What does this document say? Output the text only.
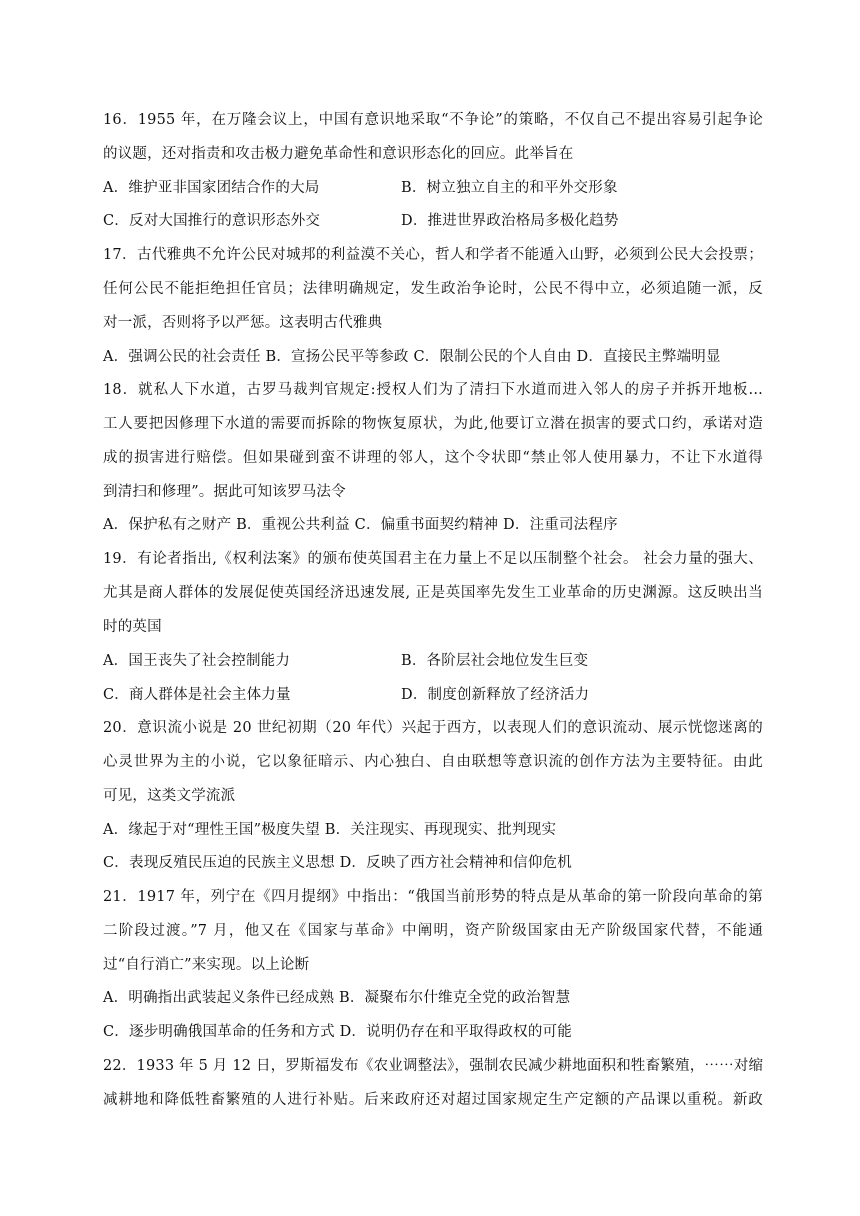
16．1955 年，在万隆会议上，中国有意识地采取“不争论”的策略，不仅自己不提出容易引起争论
的议题，还对指责和攻击极力避免革命性和意识形态化的回应。此举旨在
A．维护亚非国家团结合作的大局	B．树立独立自主的和平外交形象
C．反对大国推行的意识形态外交	D．推进世界政治格局多极化趋势
17．古代雅典不允许公民对城邦的利益漠不关心，哲人和学者不能遁入山野，必须到公民大会投票；
任何公民不能拒绝担任官员；法律明确规定，发生政治争论时，公民不得中立，必须追随一派，反
对一派，否则将予以严惩。这表明古代雅典
A．强调公民的社会责任 B．宣扬公民平等参政 C．限制公民的个人自由 D．直接民主弊端明显
18．就私人下水道，古罗马裁判官规定:授权人们为了清扫下水道而进入邻人的房子并拆开地板...
工人要把因修理下水道的需要而拆除的物恢复原状，为此,他要订立潜在损害的要式口约，承诺对造
成的损害进行赔偿。但如果碰到蛮不讲理的邻人，这个令状即“禁止邻人使用暴力，不让下水道得
到清扫和修理”。据此可知该罗马法令
A．保护私有之财产 B．重视公共利益 C．偏重书面契约精神 D．注重司法程序
19．有论者指出,《权利法案》的颁布使英国君主在力量上不足以压制整个社会。 社会力量的强大、
尤其是商人群体的发展促使英国经济迅速发展, 正是英国率先发生工业革命的历史渊源。这反映出当
时的英国
A．国王丧失了社会控制能力	B．各阶层社会地位发生巨变
C．商人群体是社会主体力量	D．制度创新释放了经济活力
20．意识流小说是 20 世纪初期（20 年代）兴起于西方，以表现人们的意识流动、展示恍惚迷离的
心灵世界为主的小说，它以象征暗示、内心独白、自由联想等意识流的创作方法为主要特征。由此
可见，这类文学流派
A．缘起于对“理性王国”极度失望 B．关注现实、再现现实、批判现实
C．表现反殖民压迫的民族主义思想 D．反映了西方社会精神和信仰危机
21．1917 年，列宁在《四月提纲》中指出：“俄国当前形势的特点是从革命的第一阶段向革命的第
二阶段过渡。”7 月，他又在《国家与革命》中阐明，资产阶级国家由无产阶级国家代替，不能通
过“自行消亡”来实现。以上论断
A．明确指出武装起义条件已经成熟 B．凝聚布尔什维克全党的政治智慧
C．逐步明确俄国革命的任务和方式 D．说明仍存在和平取得政权的可能
22．1933 年 5 月 12 日，罗斯福发布《农业调整法》，强制农民减少耕地面积和牲畜繁殖，⋯⋯对缩
减耕地和降低牲畜繁殖的人进行补贴。后来政府还对超过国家规定生产定额的产品课以重税。新政
